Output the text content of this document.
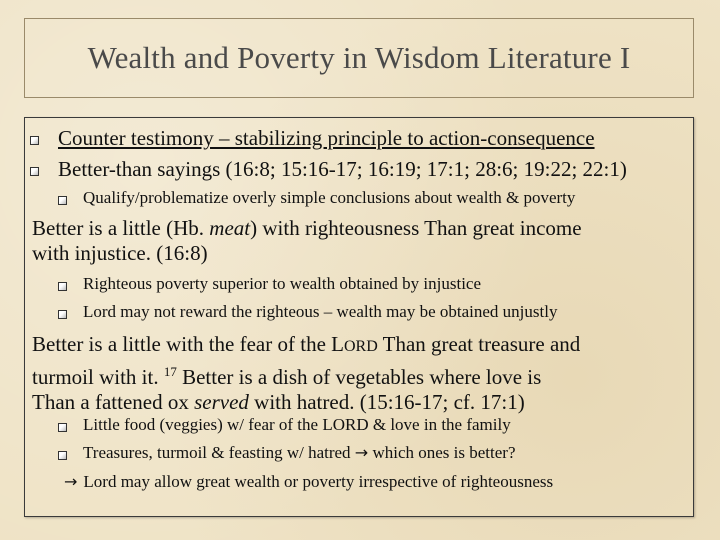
Wealth and Poverty in Wisdom Literature I
Counter testimony – stabilizing principle to action-consequence
Better-than sayings (16:8; 15:16-17; 16:19; 17:1; 28:6; 19:22; 22:1)
Qualify/problematize overly simple conclusions about wealth & poverty
Better is a little (Hb. meat) with righteousness Than great income
with injustice. (16:8)
Righteous poverty superior to wealth obtained by injustice
Lord may not reward the righteous – wealth may be obtained unjustly
Better is a little with the fear of the LORD Than great treasure and
turmoil with it. $^{17}$ Better is a dish of vegetables where love is
Than a fattened ox served with hatred. (15:16-17; cf. 17:1)
Little food (veggies) w/ fear of the LORD & love in the family
Treasures, turmoil & feasting w/ hatred → which ones is better?
→ Lord may allow great wealth or poverty irrespective of righteousness
